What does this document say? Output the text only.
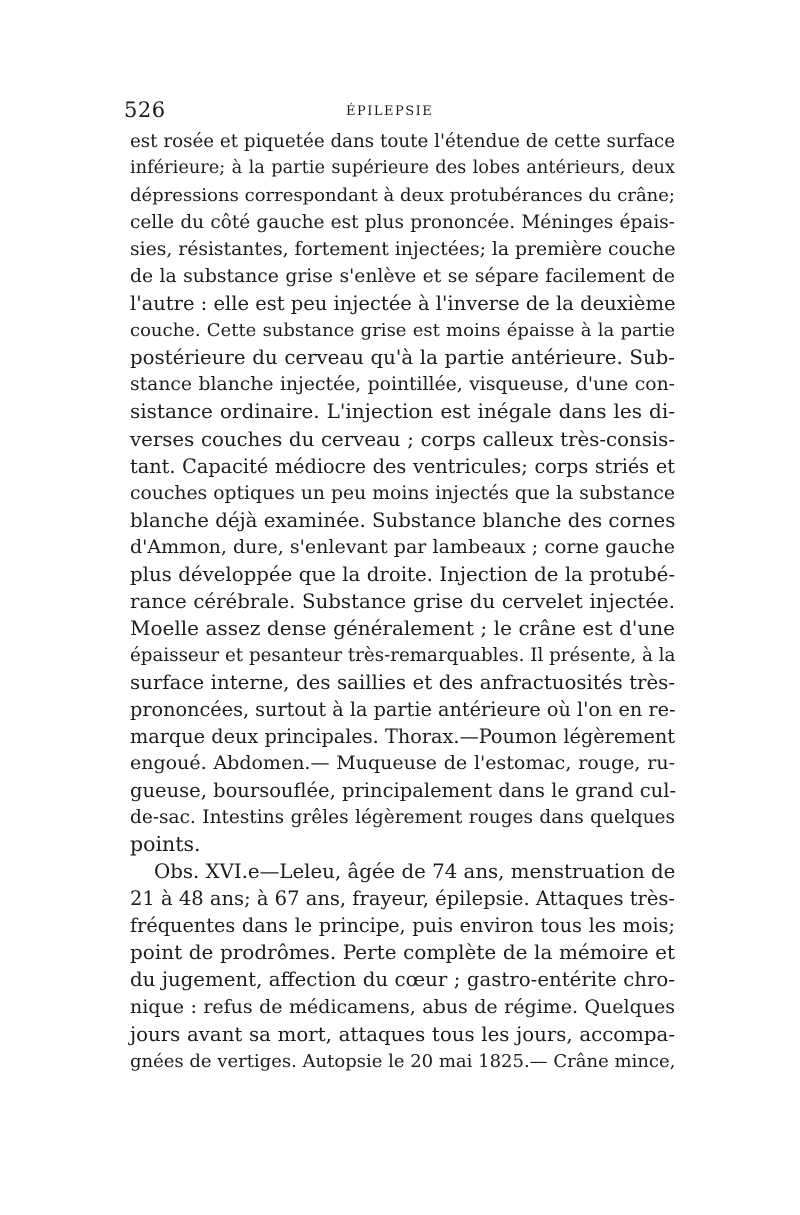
526	ÉPILEPSIE
est rosée et piquetée dans toute l'étendue de cette surface
inférieure; à la partie supérieure des lobes antérieurs, deux
dépressions correspondant à deux protubérances du crâne;
celle du côté gauche est plus prononcée. Méninges épais-
sies, résistantes, fortement injectées; la première couche
de la substance grise s'enlève et se sépare facilement de
l'autre : elle est peu injectée à l'inverse de la deuxième
couche. Cette substance grise est moins épaisse à la partie
postérieure du cerveau qu'à la partie antérieure. Sub-
stance blanche injectée, pointillée, visqueuse, d'une con-
sistance ordinaire. L'injection est inégale dans les di-
verses couches du cerveau ; corps calleux très-consis-
tant. Capacité médiocre des ventricules; corps striés et
couches optiques un peu moins injectés que la substance
blanche déjà examinée. Substance blanche des cornes
d'Ammon, dure, s'enlevant par lambeaux ; corne gauche
plus développée que la droite. Injection de la protubé-
rance cérébrale. Substance grise du cervelet injectée.
Moelle assez dense généralement ; le crâne est d'une
épaisseur et pesanteur très-remarquables. Il présente, à la
surface interne, des saillies et des anfractuosités très-
prononcées, surtout à la partie antérieure où l'on en re-
marque deux principales. Thorax.—Poumon légèrement
engoué. Abdomen.— Muqueuse de l'estomac, rouge, ru-
gueuse, boursouflée, principalement dans le grand cul-
de-sac. Intestins grêles légèrement rouges dans quelques
points.
Obs. XVI.e—Leleu, âgée de 74 ans, menstruation de
21 à 48 ans; à 67 ans, frayeur, épilepsie. Attaques très-
fréquentes dans le principe, puis environ tous les mois;
point de prodrômes. Perte complète de la mémoire et
du jugement, affection du cœur ; gastro-entérite chro-
nique : refus de médicamens, abus de régime. Quelques
jours avant sa mort, attaques tous les jours, accompa-
gnées de vertiges. Autopsie le 20 mai 1825.— Crâne mince,
